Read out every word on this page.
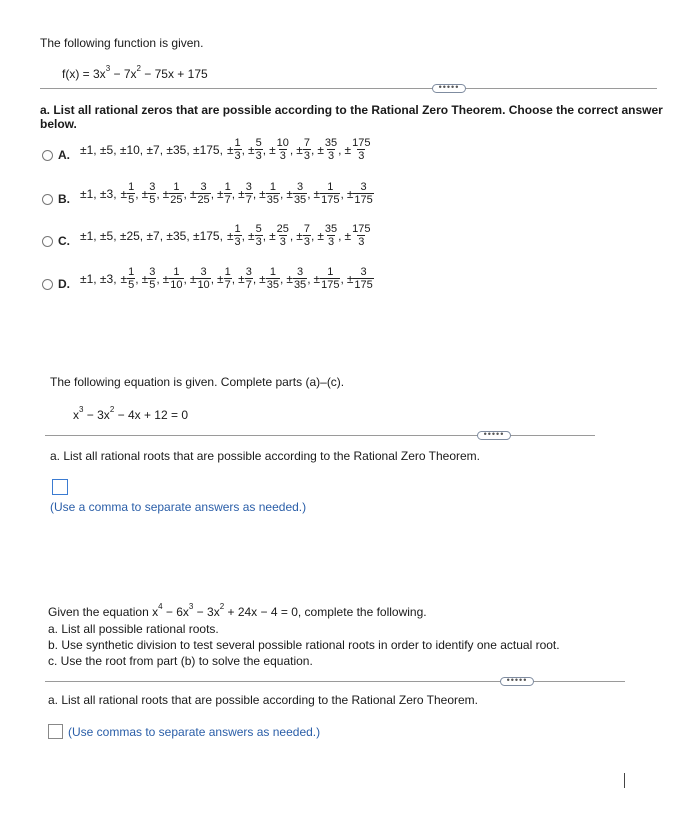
The following function is given.
$f(x) = 3x^3 - 7x^2 - 75x + 175$
•••••
a. List all rational zeros that are possible according to the Rational Zero Theorem. Choose the correct answer below.
A. ±1, ±5, ±10, ±7, ±35, ±175, ± $\frac{1}{3}$ , ± $\frac{5}{3}$ , ± $\frac{10}{3}$ , ± $\frac{7}{3}$ , ± $\frac{35}{3}$ , ± $\frac{175}{3}$
B. ±1, ±3, ± $\frac{1}{5}$ , ± $\frac{3}{5}$ , ± $\frac{1}{25}$ , ± $\frac{3}{25}$ , ± $\frac{1}{7}$ , ± $\frac{3}{7}$ , ± $\frac{1}{35}$ , ± $\frac{3}{35}$ , ± $\frac{1}{175}$ , ± $\frac{3}{175}$
C. ±1, ±5, ±25, ±7, ±35, ±175, ± $\frac{1}{3}$ , ± $\frac{5}{3}$ , ± $\frac{25}{3}$ , ± $\frac{7}{3}$ , ± $\frac{35}{3}$ , ± $\frac{175}{3}$
D. ±1, ±3, ± $\frac{1}{5}$ , ± $\frac{3}{5}$ , ± $\frac{1}{10}$ , ± $\frac{3}{10}$ , ± $\frac{1}{7}$ , ± $\frac{3}{7}$ , ± $\frac{1}{35}$ , ± $\frac{3}{35}$ , ± $\frac{1}{175}$ , ± $\frac{3}{175}$
The following equation is given. Complete parts (a)–(c).
$x^3 - 3x^2 - 4x + 12 = 0$
•••••
a. List all rational roots that are possible according to the Rational Zero Theorem.
(Use a comma to separate answers as needed.)
Given the equation $x^4 - 6x^3 - 3x^2 + 24x - 4 = 0$, complete the following.
a. List all possible rational roots.
b. Use synthetic division to test several possible rational roots in order to identify one actual root.
c. Use the root from part (b) to solve the equation.
•••••
a. List all rational roots that are possible according to the Rational Zero Theorem.
(Use commas to separate answers as needed.)
